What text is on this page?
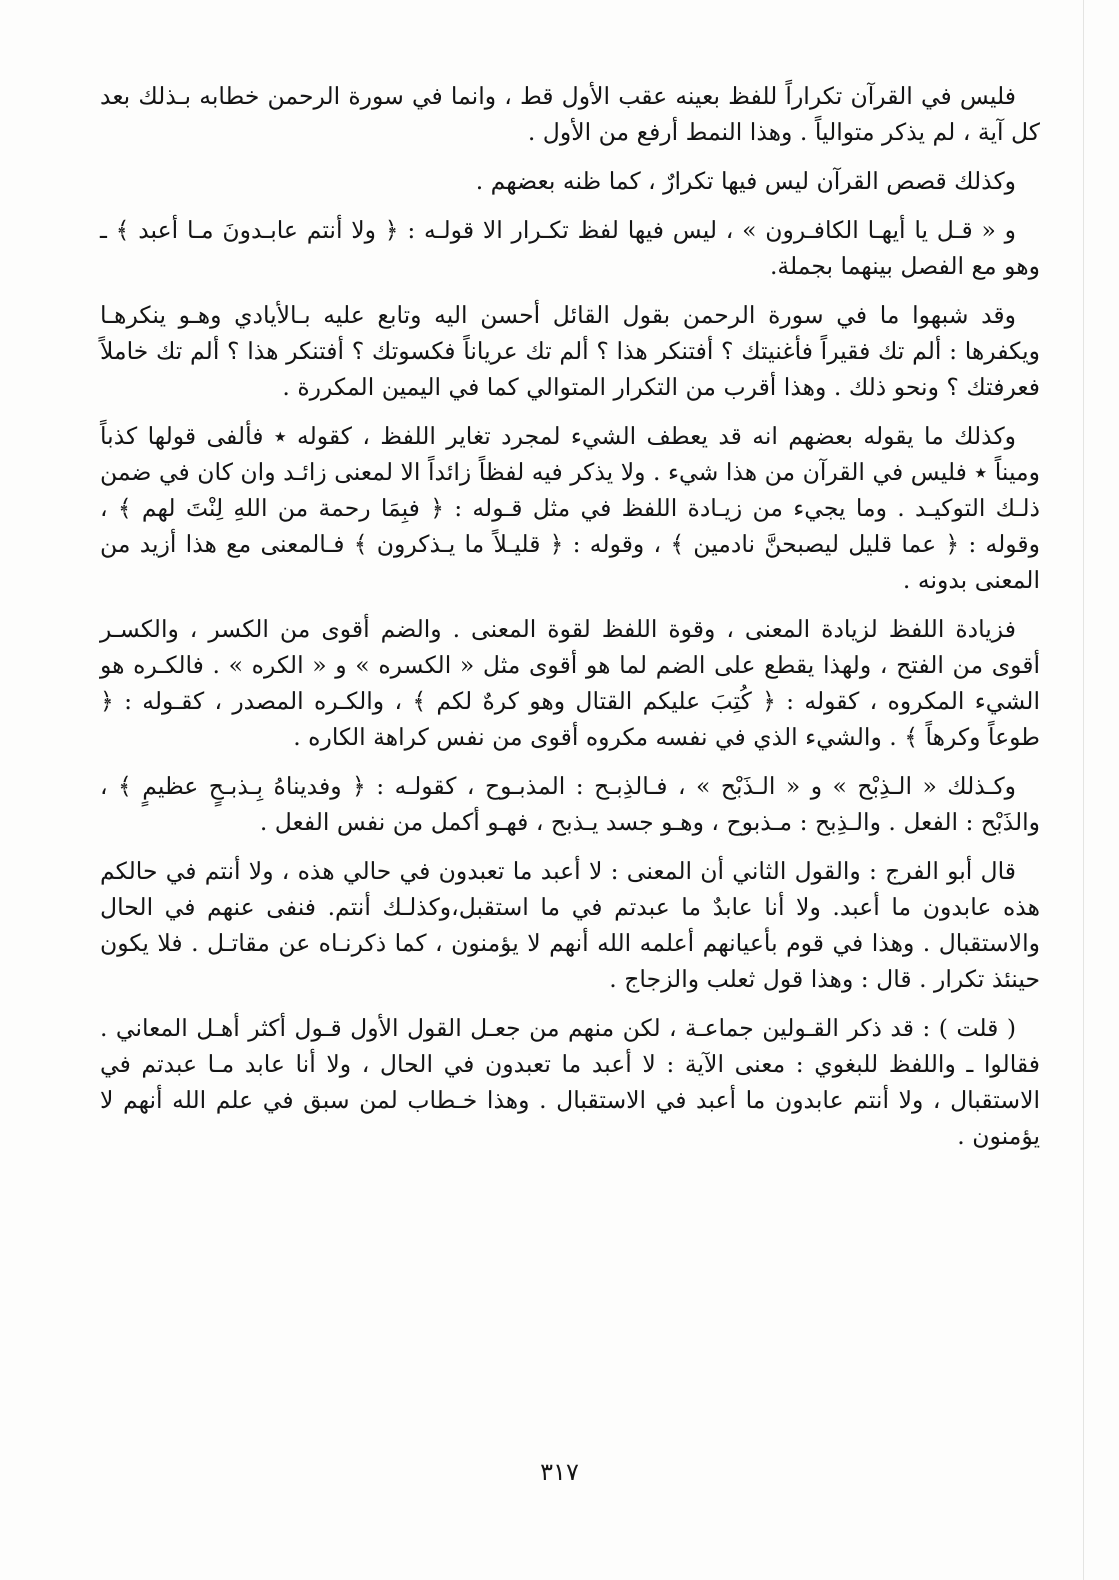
فليس في القرآن تكراراً للفظ بعينه عقب الأول قط ، وانما في سورة الرحمن خطابه بـذلك بعد كل آية ، لم يذكر متوالياً . وهذا النمط أرفع من الأول .

وكذلك قصص القرآن ليس فيها تكرارٌ ، كما ظنه بعضهم .

و « قـل يا أيهـا الكافـرون » ، ليس فيها لفظ تكـرار الا قولـه : ﴿ ولا أنتم عابـدونَ مـا أعبد ﴾ ـ وهو مع الفصل بينهما بجملة.

وقد شبهوا ما في سورة الرحمن بقول القائل أحسن اليه وتابع عليه بـالأيادي وهـو ينكرهـا ويكفرها : ألم تك فقيراً فأغنيتك ؟ أفتنكر هذا ؟ ألم تك عرياناً فكسوتك ؟ أفتنكر هذا ؟ ألم تك خاملاً فعرفتك ؟ ونحو ذلك . وهذا أقرب من التكرار المتوالي كما في اليمين المكررة .

وكذلك ما يقوله بعضهم انه قد يعطف الشيء لمجرد تغاير اللفظ ، كقوله ٭ فألفى قولها كذباً وميناً ٭ فليس في القرآن من هذا شيء . ولا يذكر فيه لفظاً زائداً الا لمعنى زائـد وان كان في ضمن ذلـك التوكيـد . وما يجيء من زيـادة اللفظ في مثل قـوله : ﴿ فبِمَا رحمة من اللهِ لِنْتَ لهم ﴾ ، وقوله : ﴿ عما قليل ليصبحنَّ نادمين ﴾ ، وقوله : ﴿ قليـلاً ما يـذكرون ﴾ فـالمعنى مع هذا أزيد من المعنى بدونه .

فزيادة اللفظ لزيادة المعنى ، وقوة اللفظ لقوة المعنى . والضم أقوى من الكسر ، والكسـر أقوى من الفتح ، ولهذا يقطع على الضم لما هو أقوى مثل « الكسره » و « الكره » . فالكـره هو الشيء المكروه ، كقوله : ﴿ كُتِبَ عليكم القتال وهو كرهٌ لكم ﴾ ، والكـره المصدر ، كقـوله : ﴿ طوعاً وكرهاً ﴾ . والشيء الذي في نفسه مكروه أقوى من نفس كراهة الكاره .

وكـذلك « الـذِبْح » و « الـذَبْح » ، فـالذِبـح : المذبـوح ، كقولـه : ﴿ وفديناهُ بِـذبـحٍ عظيمٍ ﴾ ، والذَبْح : الفعل . والـذِبح : مـذبوح ، وهـو جسد يـذبح ، فهـو أكمل من نفس الفعل .

قال أبو الفرج : والقول الثاني أن المعنى : لا أعبد ما تعبدون في حالي هذه ، ولا أنتم في حالكم هذه عابدون ما أعبد. ولا أنا عابدٌ ما عبدتم في ما استقبل،وكذلـك أنتم. فنفى عنهم في الحال والاستقبال . وهذا في قوم بأعيانهم أعلمه الله أنهم لا يؤمنون ، كما ذكرنـاه عن مقاتـل . فلا يكون حينئذ تكرار . قال : وهذا قول ثعلب والزجاج .

( قلت ) : قد ذكر القـولين جماعـة ، لكن منهم من جعـل القول الأول قـول أكثر أهـل المعاني . فقالوا ـ واللفظ للبغوي : معنى الآية : لا أعبد ما تعبدون في الحال ، ولا أنا عابد مـا عبدتم في الاستقبال ، ولا أنتم عابدون ما أعبد في الاستقبال . وهذا خـطاب لمن سبق في علم الله أنهم لا يؤمنون .

٣١٧
